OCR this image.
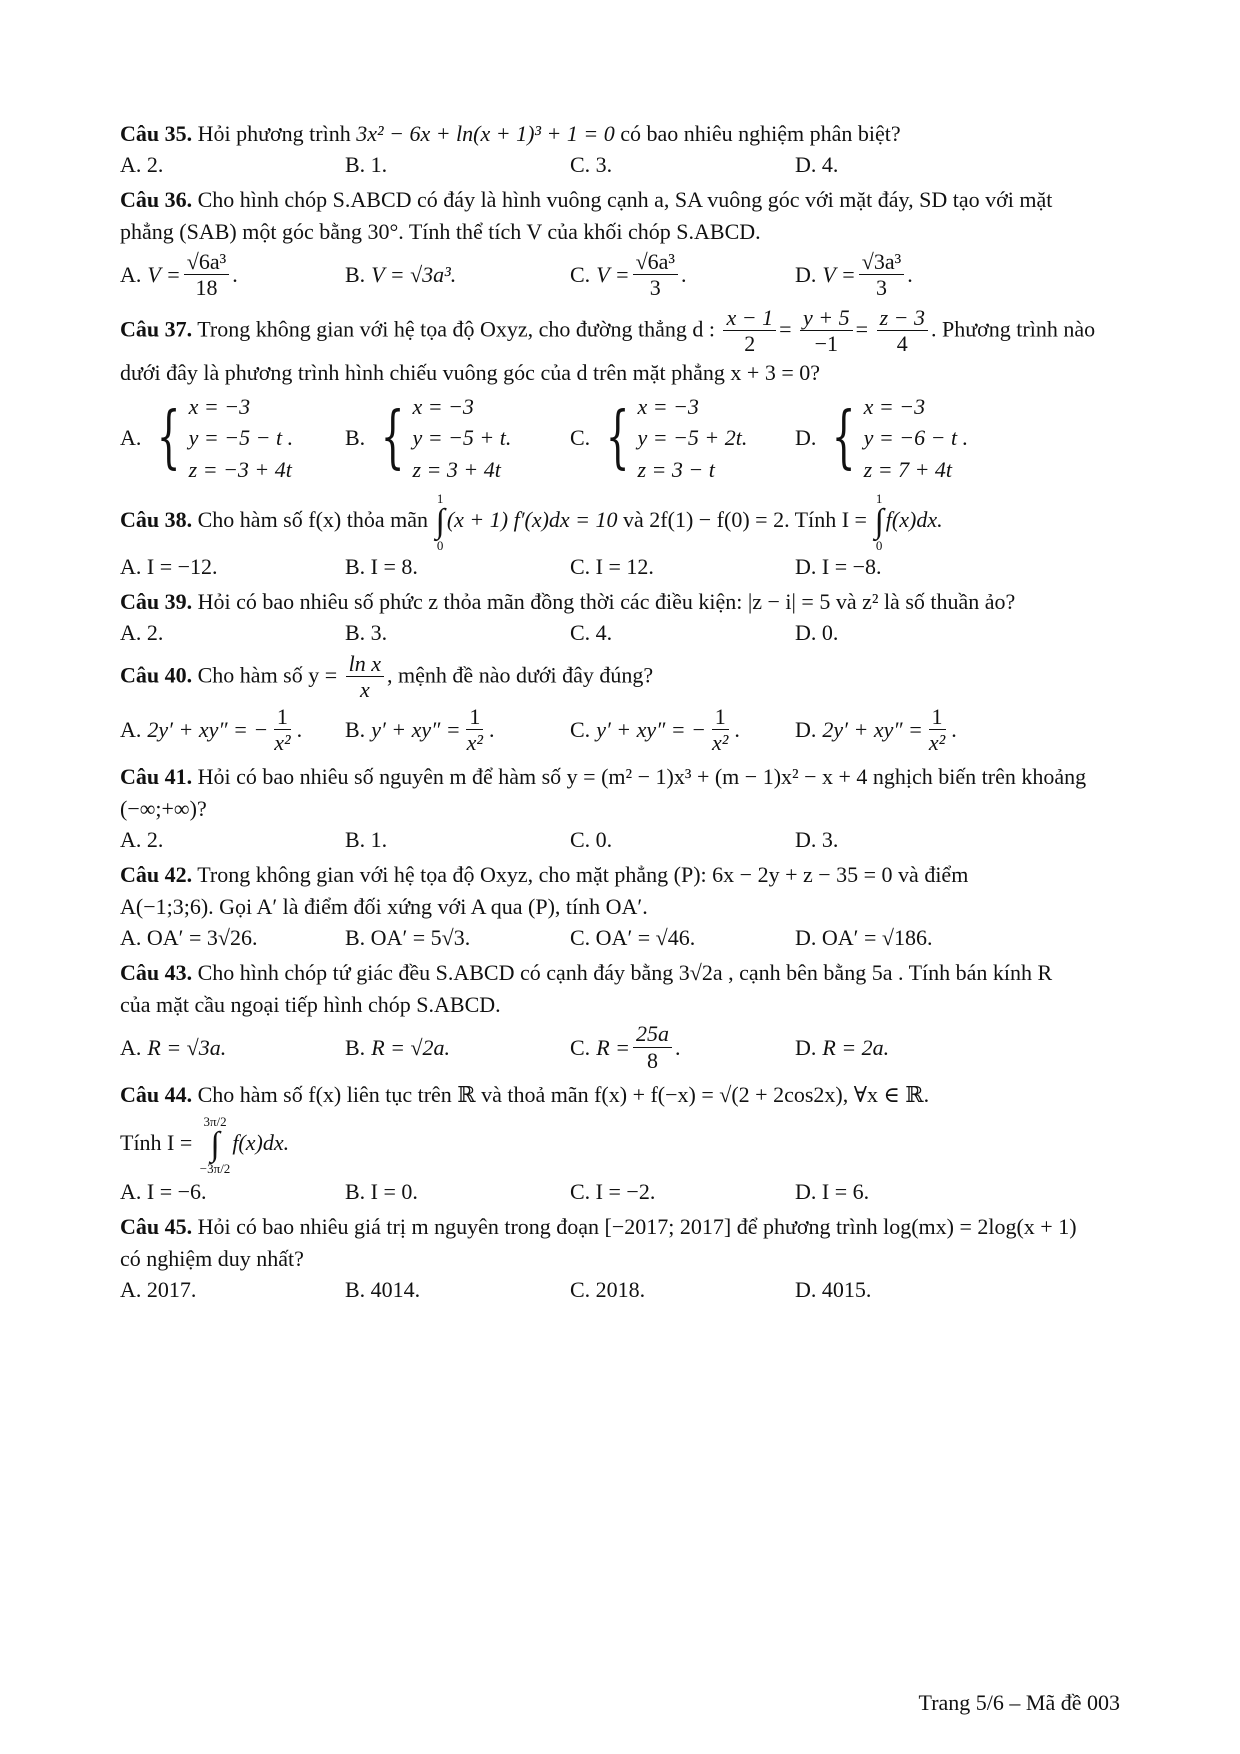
Câu 35. Hỏi phương trình 3x² − 6x + ln(x + 1)³ + 1 = 0 có bao nhiêu nghiệm phân biệt?

A. 2.	B. 1.	C. 3.	D. 4.

Câu 36. Cho hình chóp S.ABCD có đáy là hình vuông cạnh a, SA vuông góc với mặt đáy, SD tạo với mặt
phẳng (SAB) một góc bằng 30°. Tính thể tích V của khối chóp S.ABCD.

A. $V = \frac{\text{√6a³}}{18}$ .	B. V = √3a³.	C. $V = \frac{\text{√6a³}}{3}$ .	D. $V = \frac{\text{√3a³}}{3}$ .

Câu 37. Trong không gian với hệ tọa độ Oxyz, cho đường thẳng d : $\frac{x - 1}{2} = \frac{y + 5}{-1} = \frac{z - 3}{4}$ . Phương trình nào
dưới đây là phương trình hình chiếu vuông góc của d trên mặt phẳng x + 3 = 0?

A. { x = −3
y = −5 − t .
z = −3 + 4t
B. { x = −3
y = −5 + t.
z = 3 + 4t
C. { x = −3
y = −5 + 2t.
z = 3 − t
D. { x = −3
y = −6 − t .
z = 7 + 4t

Câu 38. Cho hàm số f(x) thỏa mãn
1
∫
0
(x + 1) f′(x)dx = 10 và 2f(1) − f(0) = 2. Tính I =
1
∫
0
f(x)dx.

A. I = −12.	B. I = 8.	C. I = 12.	D. I = −8.

Câu 39. Hỏi có bao nhiêu số phức z thỏa mãn đồng thời các điều kiện: |z − i| = 5 và z² là số thuần ảo?

A. 2.	B. 3.	C. 4.	D. 0.

Câu 40. Cho hàm số $y = \frac{\text{ln x}}{x}$ , mệnh đề nào dưới đây đúng?

A. 2y′ + xy″ = − $\frac{1}{\text{x²}}$ .	B. $y' + xy'' = \frac{1}{\text{x²}}$ .	C. y′ + xy″ = − $\frac{1}{\text{x²}}$ .	D. $2y' + xy'' = \frac{1}{\text{x²}}$ .

Câu 41. Hỏi có bao nhiêu số nguyên m để hàm số y = (m² − 1)x³ + (m − 1)x² − x + 4 nghịch biến trên khoảng
(−∞;+∞)?

A. 2.	B. 1.	C. 0.	D. 3.

Câu 42. Trong không gian với hệ tọa độ Oxyz, cho mặt phẳng (P): 6x − 2y + z − 35 = 0 và điểm
A(−1;3;6). Gọi A′ là điểm đối xứng với A qua (P), tính OA′.

A. OA′ = 3√26.	B. OA′ = 5√3.	C. OA′ = √46.	D. OA′ = √186.

Câu 43. Cho hình chóp tứ giác đều S.ABCD có cạnh đáy bằng 3√2a , cạnh bên bằng 5a . Tính bán kính R
của mặt cầu ngoại tiếp hình chóp S.ABCD.

A. R = √3a.	B. R = √2a.	C. $R = \frac{25a}{8}$ .	D. R = 2a.

Câu 44. Cho hàm số f(x) liên tục trên ℝ và thoả mãn f(x) + f(−x) = √(2 + 2cos2x), ∀x ∈ ℝ.

Tính I =
3π/2
∫
−3π/2
f(x)dx.

A. I = −6.	B. I = 0.	C. I = −2.	D. I = 6.

Câu 45. Hỏi có bao nhiêu giá trị m nguyên trong đoạn [−2017; 2017] để phương trình log(mx) = 2log(x + 1)
có nghiệm duy nhất?

A. 2017.	B. 4014.	C. 2018.	D. 4015.
Trang 5/6 – Mã đề 003
